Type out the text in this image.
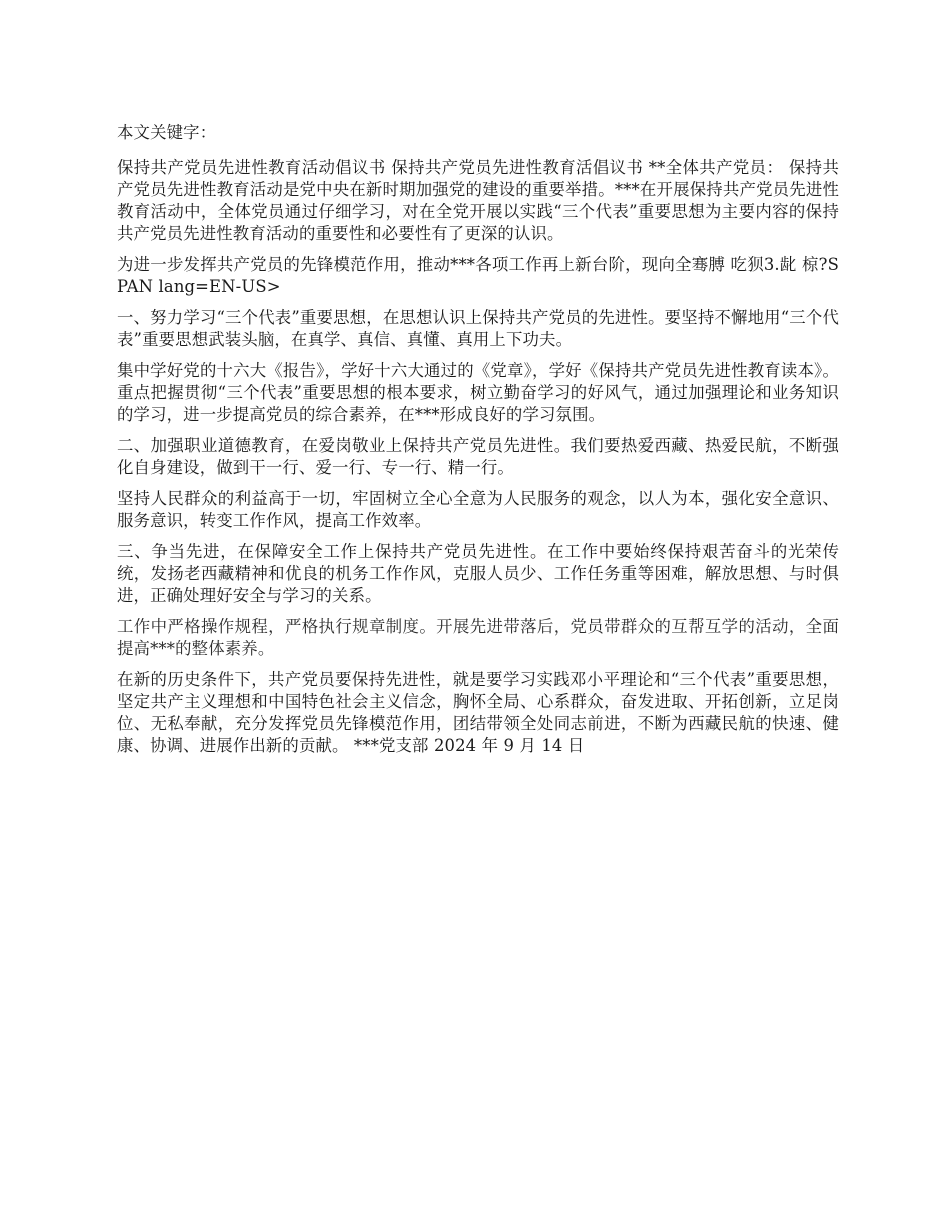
本文关键字：

保持共产党员先进性教育活动倡议书 保持共产党员先进性教育活倡议书 **全体共产党员： 保持共产党员先进性教育活动是党中央在新时期加强党的建设的重要举措。***在开展保持共产党员先进性教育活动中，全体党员通过仔细学习，对在全党开展以实践“三个代表”重要思想为主要内容的保持共产党员先进性教育活动的重要性和必要性有了更深的认识。

为进一步发挥共产党员的先锋模范作用，推动***各项工作再上新台阶，现向全骞膊 吃狈3.龀 椋?SPAN lang=EN-US>

一、努力学习“三个代表”重要思想，在思想认识上保持共产党员的先进性。要坚持不懈地用“三个代表”重要思想武装头脑，在真学、真信、真懂、真用上下功夫。

集中学好党的十六大《报告》，学好十六大通过的《党章》，学好《保持共产党员先进性教育读本》。重点把握贯彻“三个代表”重要思想的根本要求，树立勤奋学习的好风气，通过加强理论和业务知识的学习，进一步提高党员的综合素养，在***形成良好的学习氛围。

二、加强职业道德教育，在爱岗敬业上保持共产党员先进性。我们要热爱西藏、热爱民航，不断强化自身建设，做到干一行、爱一行、专一行、精一行。

坚持人民群众的利益高于一切，牢固树立全心全意为人民服务的观念，以人为本，强化安全意识、服务意识，转变工作作风，提高工作效率。

三、争当先进，在保障安全工作上保持共产党员先进性。在工作中要始终保持艰苦奋斗的光荣传统，发扬老西藏精神和优良的机务工作作风，克服人员少、工作任务重等困难，解放思想、与时俱进，正确处理好安全与学习的关系。

工作中严格操作规程，严格执行规章制度。开展先进带落后，党员带群众的互帮互学的活动，全面提高***的整体素养。

在新的历史条件下，共产党员要保持先进性，就是要学习实践邓小平理论和“三个代表”重要思想，坚定共产主义理想和中国特色社会主义信念，胸怀全局、心系群众，奋发进取、开拓创新，立足岗位、无私奉献，充分发挥党员先锋模范作用，团结带领全处同志前进，不断为西藏民航的快速、健康、协调、进展作出新的贡献。 ***党支部 2024 年 9 月 14 日
